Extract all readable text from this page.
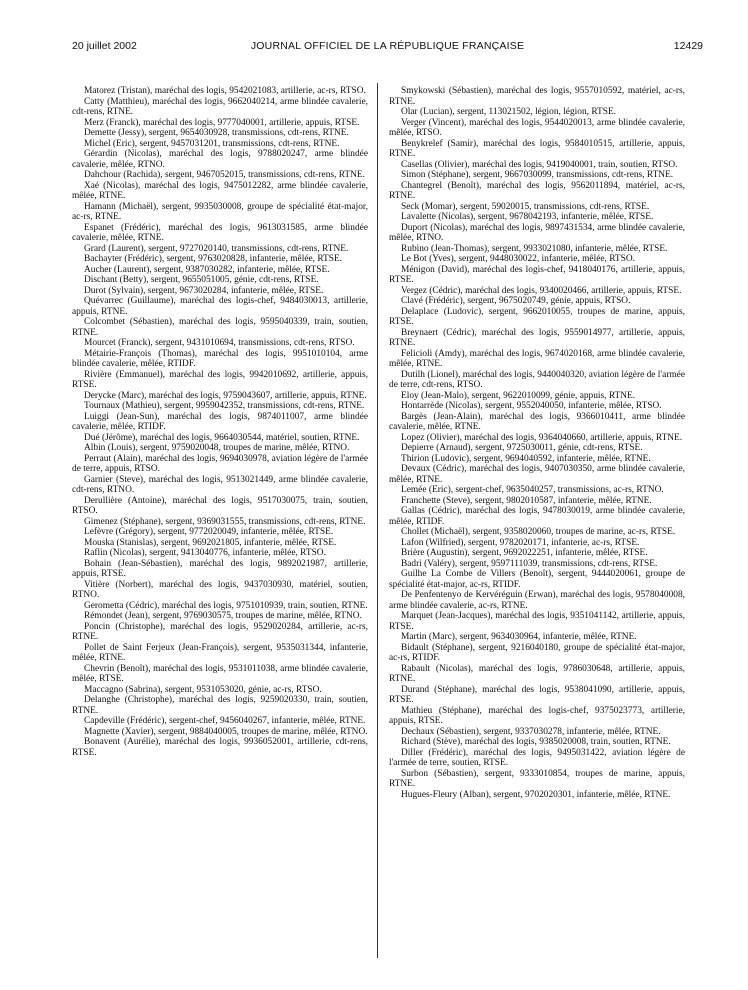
20 juillet 2002	JOURNAL OFFICIEL DE LA RÉPUBLIQUE FRANÇAISE	12429

Matorez (Tristan), maréchal des logis, 9542021083, artillerie, ac-rs, RTSO.

Catty (Matthieu), maréchal des logis, 9662040214, arme blindée cavalerie, cdt-rens, RTNE.

Merz (Franck), maréchal des logis, 9777040001, artillerie, appuis, RTSE.

Demette (Jessy), sergent, 9654030928, transmissions, cdt-rens, RTNE.

Michel (Eric), sergent, 9457031201, transmissions, cdt-rens, RTNE.

Gérardin (Nicolas), maréchal des logis, 9788020247, arme blindée cavalerie, mêlée, RTNO.

Dahchour (Rachida), sergent, 9467052015, transmissions, cdt-rens, RTNE.

Xaé (Nicolas), maréchal des logis, 9475012282, arme blindée cavalerie, mêlée, RTNE.

Hamann (Michaël), sergent, 9935030008, groupe de spécialité état-major, ac-rs, RTNE.

Espanet (Frédéric), maréchal des logis, 9613031585, arme blindée cavalerie, mêlée, RTNE.

Grard (Laurent), sergent, 9727020140, transmissions, cdt-rens, RTNE.

Bachayter (Frédéric), sergent, 9763020828, infanterie, mêlée, RTSE.

Aucher (Laurent), sergent, 9387030282, infanterie, mêlée, RTSE.

Dischant (Betty), sergent, 9655051005, génie, cdt-rens, RTSE.

Durot (Sylvain), sergent, 9673020284, infanterie, mêlée, RTSE.

Quévarrec (Guillaume), maréchal des logis-chef, 9484030013, artillerie, appuis, RTNE.

Colcombet (Sébastien), maréchal des logis, 9595040339, train, soutien, RTNE.

Mourcet (Franck), sergent, 9431010694, transmissions, cdt-rens, RTSO.

Métairie-François (Thomas), maréchal des logis, 9951010104, arme blindée cavalerie, mêlée, RTIDF.

Rivière (Emmanuel), maréchal des logis, 9942010692, artillerie, appuis, RTSE.

Derycke (Marc), maréchal des logis, 9759043607, artillerie, appuis, RTNE.

Tournaux (Mathieu), sergent, 9959042352, transmissions, cdt-rens, RTNE.

Luiggi (Jean-Sun), maréchal des logis, 9874011007, arme blindée cavalerie, mêlée, RTIDF.

Dué (Jérôme), maréchal des logis, 9664030544, matériel, soutien, RTNE.

Albin (Louis), sergent, 9759020048, troupes de marine, mêlée, RTNO.

Perraut (Alain), maréchal des logis, 9694030978, aviation légère de l'armée de terre, appuis, RTSO.

Garnier (Steve), maréchal des logis, 9513021449, arme blindée cavalerie, cdt-rens, RTNO.

Derullière (Antoine), maréchal des logis, 9517030075, train, soutien, RTSO.

Gimenez (Stéphane), sergent, 9369031555, transmissions, cdt-rens, RTNE.

Lefèvre (Grégory), sergent, 9772020049, infanterie, mêlée, RTSE.

Mouska (Stanislas), sergent, 9692021805, infanterie, mêlée, RTSE.

Raflin (Nicolas), sergent, 9413040776, infanterie, mêlée, RTSO.

Bohain (Jean-Sébastien), maréchal des logis, 9892021987, artillerie, appuis, RTSE.

Vitière (Norbert), maréchal des logis, 9437030930, matériel, soutien, RTNO.

Gerometta (Cédric), maréchal des logis, 9751010939, train, soutien, RTNE.

Rémondet (Jean), sergent, 9769030575, troupes de marine, mêlée, RTNO.

Poncin (Christophe), maréchal des logis, 9529020284, artillerie, ac-rs, RTNE.

Pollet de Saint Ferjeux (Jean-François), sergent, 9535031344, infanterie, mêlée, RTNE.

Chevrin (Benoît), maréchal des logis, 9531011038, arme blindée cavalerie, mêlée, RTSE.

Maccagno (Sabrina), sergent, 9531053020, génie, ac-rs, RTSO.

Delanghe (Christophe), maréchal des logis, 9259020330, train, soutien, RTNE.

Capdeville (Frédéric), sergent-chef, 9456040267, infanterie, mêlée, RTNE.

Magnette (Xavier), sergent, 9884040005, troupes de marine, mêlée, RTNO.

Bonavent (Aurélie), maréchal des logis, 9936052001, artillerie, cdt-rens, RTSE.

Smykowski (Sébastien), maréchal des logis, 9557010592, matériel, ac-rs, RTNE.

Olar (Lucian), sergent, 113021502, légion, légion, RTSE.

Verger (Vincent), maréchal des logis, 9544020013, arme blindée cavalerie, mêlée, RTSO.

Benykrelef (Samir), maréchal des logis, 9584010515, artillerie, appuis, RTNE.

Casellas (Olivier), maréchal des logis, 9419040001, train, soutien, RTSO.

Simon (Stéphane), sergent, 9667030099, transmissions, cdt-rens, RTNE.

Chantegrel (Benoît), maréchal des logis, 9562011894, matériel, ac-rs, RTNE.

Seck (Momar), sergent, 59020015, transmissions, cdt-rens, RTSE.

Lavalette (Nicolas), sergent, 9678042193, infanterie, mêlée, RTSE.

Duport (Nicolas), maréchal des logis, 9897431534, arme blindée cavalerie, mêlée, RTNO.

Rubino (Jean-Thomas), sergent, 9933021080, infanterie, mêlée, RTSE.

Le Bot (Yves), sergent, 9448030022, infanterie, mêlée, RTSO.

Ménigon (David), maréchal des logis-chef, 9418040176, artillerie, appuis, RTSE.

Vergez (Cédric), maréchal des logis, 9340020466, artillerie, appuis, RTSE.

Clavé (Frédéric), sergent, 9675020749, génie, appuis, RTSO.

Delaplace (Ludovic), sergent, 9662010055, troupes de marine, appuis, RTSE.

Breynaert (Cédric), maréchal des logis, 9559014977, artillerie, appuis, RTNE.

Felicioli (Amdy), maréchal des logis, 9674020168, arme blindée cavalerie, mêlée, RTNE.

Dutilh (Lionel), maréchal des logis, 9440040320, aviation légère de l'armée de terre, cdt-rens, RTSO.

Eloy (Jean-Malo), sergent, 9622010099, génie, appuis, RTNE.

Hontarrède (Nicolas), sergent, 9552040050, infanterie, mêlée, RTSO.

Bargès (Jean-Alain), maréchal des logis, 9366010411, arme blindée cavalerie, mêlée, RTNE.

Lopez (Olivier), maréchal des logis, 9364040660, artillerie, appuis, RTNE.

Depierre (Arnaud), sergent, 9725030011, génie, cdt-rens, RTSE.

Thirion (Ludovic), sergent, 9694040592, infanterie, mêlée, RTNE.

Devaux (Cédric), maréchal des logis, 9407030350, arme blindée cavalerie, mêlée, RTNE.

Lemée (Eric), sergent-chef, 9635040257, transmissions, ac-rs, RTNO.

Franchette (Steve), sergent, 9802010587, infanterie, mêlée, RTNE.

Gallas (Cédric), maréchal des logis, 9478030019, arme blindée cavalerie, mêlée, RTIDF.

Chollet (Michaël), sergent, 9358020060, troupes de marine, ac-rs, RTSE.

Lafon (Wilfried), sergent, 9782020171, infanterie, ac-rs, RTSE.

Brière (Augustin), sergent, 9692022251, infanterie, mêlée, RTSE.

Badri (Valéry), sergent, 9597111039, transmissions, cdt-rens, RTSE.

Guilhe La Combe de Villers (Benoît), sergent, 9444020061, groupe de spécialité état-major, ac-rs, RTIDF.

De Penfentenyo de Kervéréguin (Erwan), maréchal des logis, 9578040008, arme blindée cavalerie, ac-rs, RTNE.

Marquet (Jean-Jacques), maréchal des logis, 9351041142, artillerie, appuis, RTSE.

Martin (Marc), sergent, 9634030964, infanterie, mêlée, RTNE.

Bidault (Stéphane), sergent, 9216040180, groupe de spécialité état-major, ac-rs, RTIDF.

Rabault (Nicolas), maréchal des logis, 9786030648, artillerie, appuis, RTNE.

Durand (Stéphane), maréchal des logis, 9538041090, artillerie, appuis, RTSE.

Mathieu (Stéphane), maréchal des logis-chef, 9375023773, artillerie, appuis, RTSE.

Dechaux (Sébastien), sergent, 9337030278, infanterie, mêlée, RTNE.

Richard (Stève), maréchal des logis, 9385020008, train, soutien, RTNE.

Diller (Frédéric), maréchal des logis, 9495031422, aviation légère de l'armée de terre, soutien, RTSE.

Surbon (Sébastien), sergent, 9333010854, troupes de marine, appuis, RTNE.

Hugues-Fleury (Alban), sergent, 9702020301, infanterie, mêlée, RTNE.
